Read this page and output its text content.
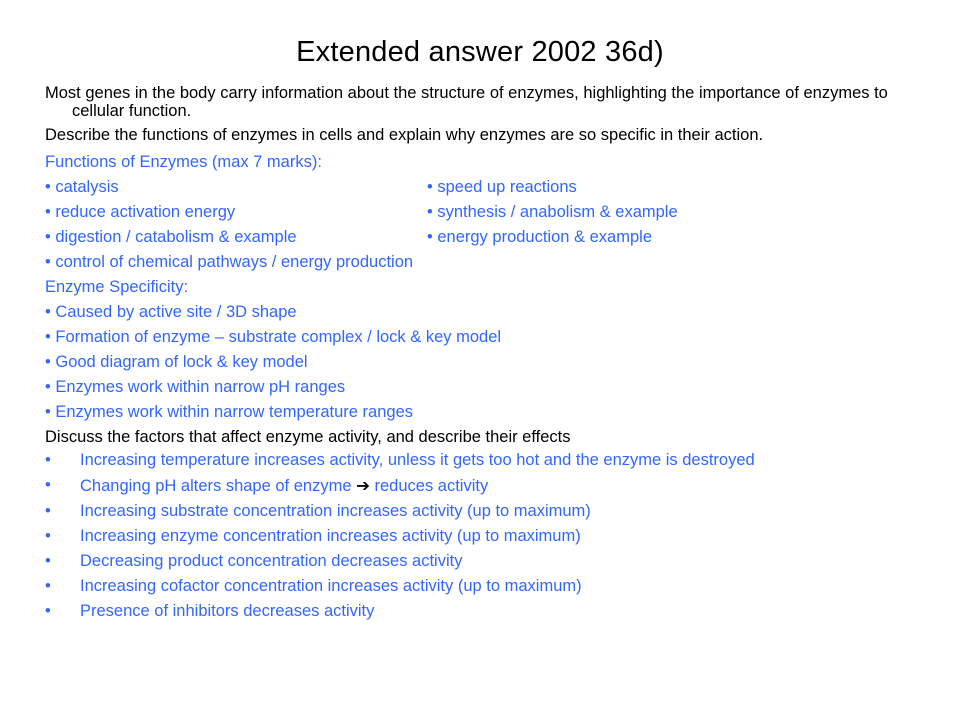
Extended answer 2002 36d)
Most genes in the body carry information about the structure of enzymes, highlighting the importance of enzymes to cellular function.
Describe the functions of enzymes in cells and explain why enzymes are so specific in their action.
Functions of Enzymes (max 7 marks):
• catalysis	• speed up reactions
• reduce activation energy	• synthesis / anabolism & example
• digestion / catabolism & example	• energy production & example
• control of chemical pathways / energy production
Enzyme Specificity:
• Caused by active site / 3D shape
• Formation of enzyme – substrate complex / lock & key model
• Good diagram of lock & key model
• Enzymes work within narrow pH ranges
• Enzymes work within narrow temperature ranges
Discuss the factors that affect enzyme activity, and describe their effects
• Increasing temperature increases activity, unless it gets too hot and the enzyme is destroyed
• Changing pH alters shape of enzyme ➔ reduces activity
• Increasing substrate concentration increases activity (up to maximum)
• Increasing enzyme concentration increases activity (up to maximum)
• Decreasing product concentration decreases activity
• Increasing cofactor concentration increases activity (up to maximum)
• Presence of inhibitors decreases activity
